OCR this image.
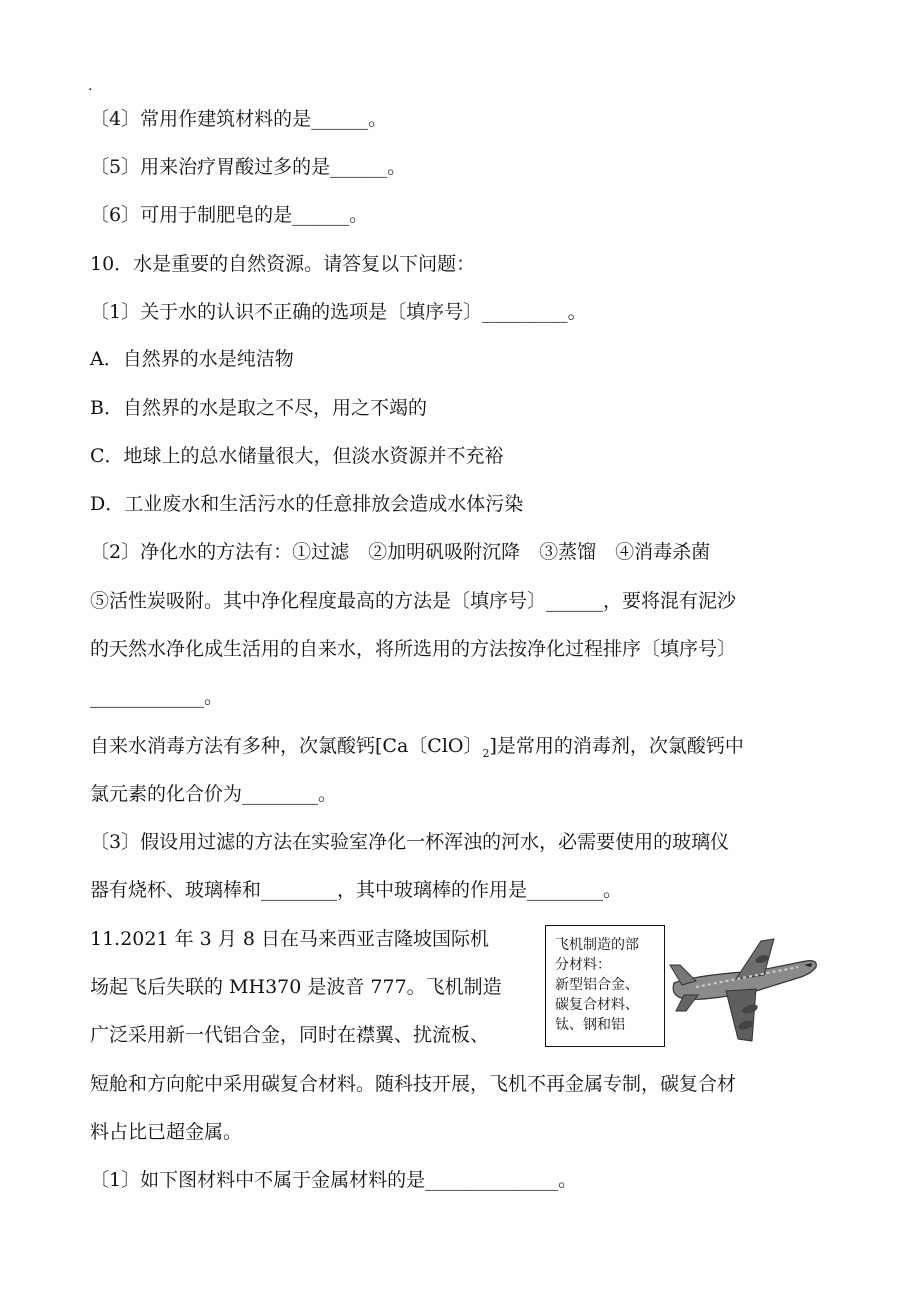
.
〔4〕常用作建筑材料的是______。
〔5〕用来治疗胃酸过多的是______。
〔6〕可用于制肥皂的是______。
10．水是重要的自然资源。请答复以下问题：
〔1〕关于水的认识不正确的选项是〔填序号〕_________。
A．自然界的水是纯洁物
B．自然界的水是取之不尽，用之不竭的
C．地球上的总水储量很大，但淡水资源并不充裕
D．工业废水和生活污水的任意排放会造成水体污染
〔2〕净化水的方法有：①过滤　②加明矾吸附沉降　③蒸馏　④消毒杀菌
⑤活性炭吸附。其中净化程度最高的方法是〔填序号〕______，要将混有泥沙
的天然水净化成生活用的自来水，将所选用的方法按净化过程排序〔填序号〕
____________。
自来水消毒方法有多种，次氯酸钙[Ca〔ClO〕$_2$]是常用的消毒剂，次氯酸钙中
氯元素的化合价为________。
〔3〕假设用过滤的方法在实验室净化一杯浑浊的河水，必需要使用的玻璃仪
器有烧杯、玻璃棒和________，其中玻璃棒的作用是________。
11.2021 年 3 月 8 日在马来西亚吉隆坡国际机
场起飞后失联的 MH370 是波音 777。飞机制造
广泛采用新一代铝合金，同时在襟翼、扰流板、
短舱和方向舵中采用碳复合材料。随科技开展，飞机不再金属专制，碳复合材
料占比已超金属。
〔1〕如下图材料中不属于金属材料的是______________。
飞机制造的部
分材料：
新型铝合金、
碳复合材料、
钛、钢和铝
